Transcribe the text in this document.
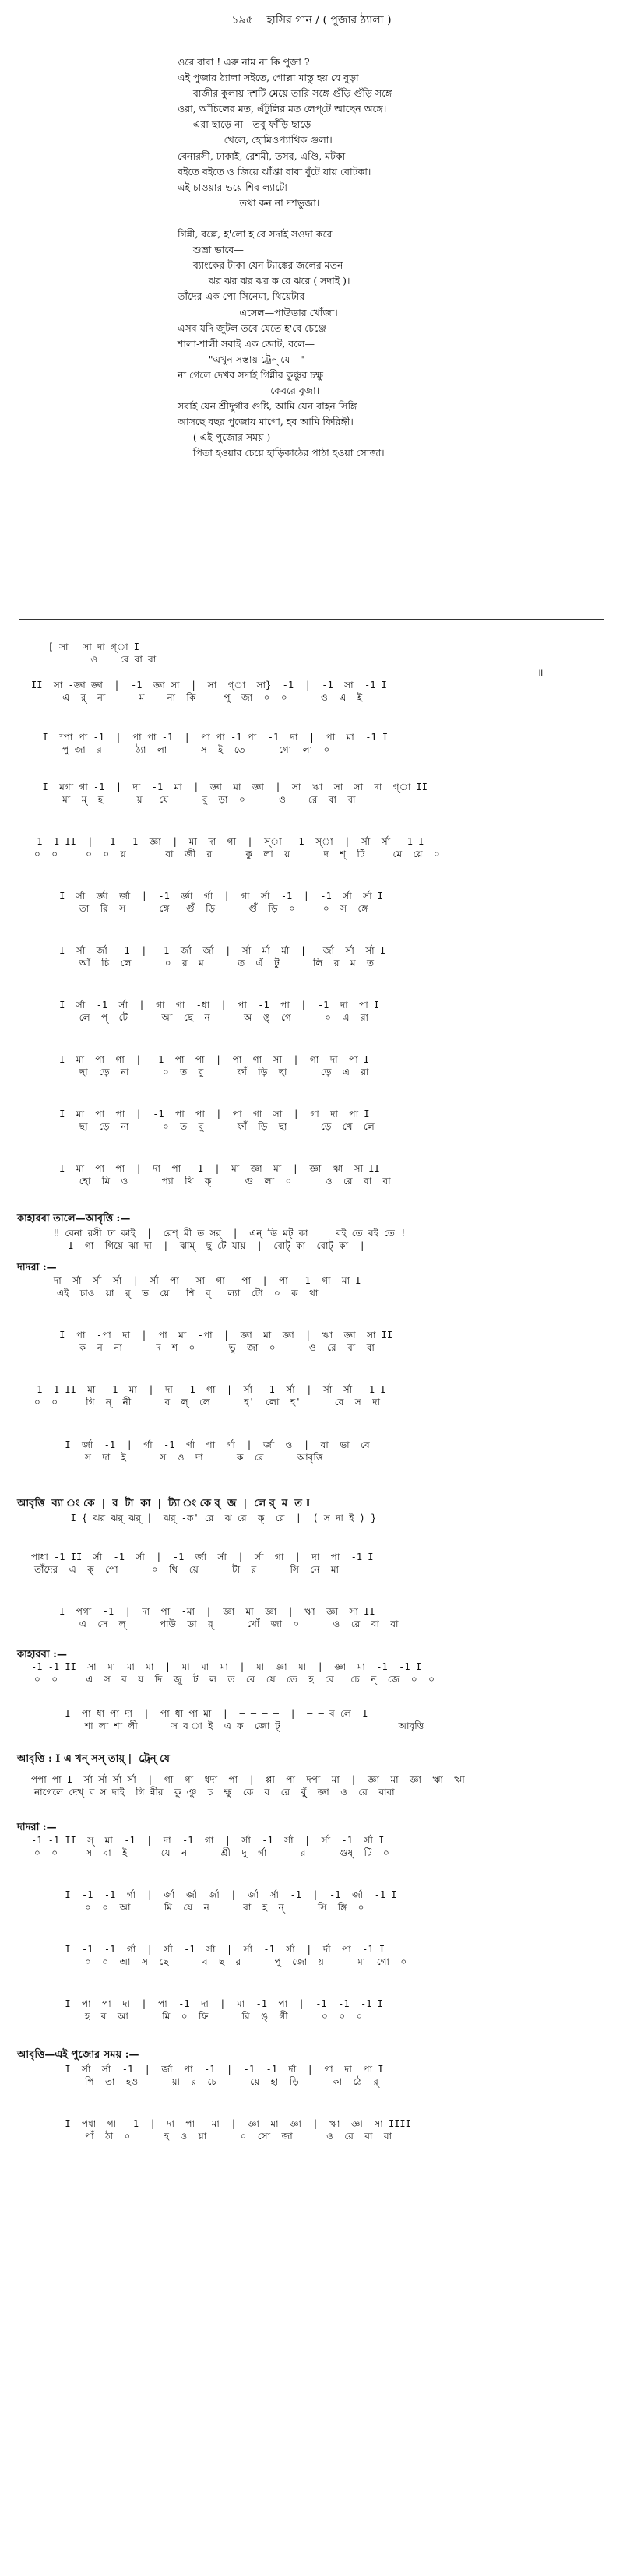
১৯৫ হাসির গান / ( পুজার ঠ্যালা )
ওরে বাবা ! এরু নাম না কি পুজা ?
এই পুজার ঠ্যালা সইতে, গোল্লা মাস্তু হয় যে বুড়া।
বাজীর কুলায় দশটি মেয়ে তারি সঙ্গে গুঁড়ি গুঁড়ি সঙ্গে
ওরা, আঁচিলের মত, এঁটুলির মত লেপ্‌টে আছেন অঙ্গে।
এরা ছাড়ে না—তবু ফাঁড়ি ছাড়ে
খেলে, হোমিওপ্যাথিক গুলা।
বেনারসী, ঢাকাই, রেশমী, তসর, এণ্ডি, মটকা
বইতে বইতে ও জিয়ে ঝাঁপ্তা বাবা বুঁটে যায় বোটকা।
এই চাওয়ার ভয়ে শিব ল্যাটো—
তথা কন না দশভুজা।

গিন্নী, বল্লে, হ'লো হ'বে সদাই সওদা করে
শুভ্রা ভাবে—
ব্যাংকের টাকা যেন ট্যাঙ্কের জলের মতন
ঝর ঝর ঝর ঝর ক'রে ঝরে ( সদাই )।
তাঁদের এক পো-সিনেমা, থিয়েটার
এসেল—পাউডার খোঁজা।
এসব যদি জুটল তবে যেতে হ'বে চেঞ্জে—
শালা-শালী সবাই এক জোট, বলে—
"এখুন সস্তায় ট্রেন্ যে—"
না গেলে দেখব সদাই গিন্নীর কুঞ্চুর চক্ষু
কেবরে বুজা।
সবাই যেন শ্রীদুর্গার গুষ্টি, আমি যেন বাহন সিঙ্গি
আসছে বছর পুজোয় মাগো, হব আমি ফিরিঙ্গী।
( এই পুজোর সময় )—
পিতা হওয়ার চেয়ে হাড়িকাঠের পাঠা হওয়া সোজা।
[ সা । সা দা গ্‌া I
ও    রে বা বা
॥
II  সা -জ্ঞা জ্ঞা  |  -1  জ্ঞা সা  |  সা  গ্‌া  সা}  -1  |  -1  সা  -1 I
এ  র্‌  না      ম    না  কি     পু  জা  ০  ০      ও  এ  ই
I  স্পা পা -1  |  পা পা -1  |  পা পা -1 পা  -1  দা  |  পা  মা  -1 I
পু জা  র      ঠ্যা  লা      স  ই  তে      গো  লা  ০
I  মগা গা -1  |  দা  -1  মা  |  জ্ঞা  মা  জ্ঞা  |  সা  ঋা  সা  সা  দা  গ্‌া II
মা  ম্  হ      য়   যে      বু  ড়া  ০      ও    রে  বা  বা
-1 -1 II  |  -1  -1  জ্ঞা  |  মা  দা  গা  |  স্‌া  -1  স্‌া  |  র্সা  র্সা  -1 I
০  ০     ০  ০  য়       বা  জী  র      কু  লা  য়      দ  শ্‌  টি     মে  য়ে  ০
I  র্সা  র্জ্ঞা  র্জা  |  -1  র্জ্ঞা  র্গা  |  গা  র্সা  -1  |  -1  র্সা  র্সা I
তা  রি  স      ঙ্গে   গুঁ  ড়ি      গুঁ  ড়ি  ০     ০  স  ঙ্গে
I  র্সা  র্জা  -1  |  -1  র্জা  র্জা  |  র্সা  র্মা  র্মা  |  -র্জা  র্সা  র্সা I
আঁ  চি  লে      ০  র  ম      ত  এঁ  টু      লি  র  ম  ত
I  র্সা  -1  র্সা  |  গা  গা  -ধা  |  পা  -1  পা  |  -1  দা  পা I
লে  প্‌  টে      আ  ছে  ন      অ  ঙ্  গে      ০  এ  রা
I  মা  পা  গা  |  -1  পা  পা  |  পা  গা  সা  |  গা  দা  পা I
ছা  ড়ে  না      ০  ত  বু      ফাঁ  ড়ি  ছা      ড়ে  এ  রা
I  মা  পা  পা  |  -1  পা  পা  |  পা  গা  সা  |  গা  দা  পা I
ছা  ড়ে  না      ০  ত  বু      ফাঁ  ড়ি  ছা      ড়ে  খে  লে
I  মা  পা  পা  |  দা  পা  -1  |  মা  জ্ঞা  মা  |  জ্ঞা  ঋা  সা II
হো  মি  ও      প্যা  থি  ক্      গু  লা  ০      ও  রে  বা  বা
কাহারবা তালে—আবৃত্তি :—
‼ বেনা রসী ঢা কাই  |  রেশ্‌ মী ত সর্‌  |  এন্ ডি মট্‌ কা  |  বই তে বই তে !
I  গা  গিয়ে ঝা দা  |  ঝাম্‌ -ছু টে যায়  |  বোট্‌ কা  বোট্‌ কা  |  — — —
দাদরা :—
দা  র্সা  র্সা  র্সা  |  র্সা  পা  -সা  গা  -পা  |  পা  -1  গা  মা I
এই  চাও  য়া  র্  ভ  য়ে   শি  ব্   ল্যা  টো  ০  ক  থা
I  পা  -পা  দা  |  পা  মা  -পা  |  জ্ঞা  মা  জ্ঞা  |  ঋা  জ্ঞা  সা II
ক  ন  না      দ  শ  ০      ভু  জা  ০      ও  রে  বা  বা
-1 -1 II  মা  -1  মা  |  দা  -1  গা  |  র্সা  -1  র্সা  |  র্সা  র্সা  -1 I
০  ০     গি  ন্‌  নী      ব  ল্‌  লে      হ'  লো  হ'      বে  স  দা
I  র্জা  -1  |  র্গা  -1  র্গা  গা  র্গা  |  র্জা  ও  |  বা  ভা  বে
স  দা  ই      স  ও  দা      ক  রে      আবৃত্তি
আবৃত্তি  ব্যা ং কে  |  র  টা  কা  |  ট্যা ং কে র্  জ  |  লে র্  ম  ত I
I { ঝর ঝর্‌ ঝর্‌ |  ঝর্‌ -ক' রে  ঝ রে  ক্  রে  |  ( স দা ই ) }
পাধা -1 II  র্সা  -1  র্সা  |  -1  র্জা  র্সা  |  র্সা  গা  |  দা  পা  -1 I
তাঁদের  এ  ক্‌  পো      ০  থি  য়ে      টা  র      সি  নে  মা
I  পগা  -1  |  দা  পা  -মা  |  জ্ঞা  মা  জ্ঞা  |  ঋা  জ্ঞা  সা II
এ  সে  ল্      পাউ  ডা  র্      খোঁ  জা  ০      ও  রে  বা  বা
কাহারবা :—
-1 -1 II  সা  মা  মা  মা  |  মা  মা  মা  |  মা  জ্ঞা  মা  |  জ্ঞা  মা  -1  -1 I
০  ০     এ  স  ব  য  দি  জু  ট  ল  ত  বে  যে  তে  হ  বে   চে  ন্‌  জে  ০  ০
I  পা ধা পা দা  |  পা ধা পা মা  |  — — — —  |  — — ব লে  I
শা লা শা লী      স ব া ই  এ ক  জো ট্‌                     আবৃত্তি
আবৃত্তি : I এ খন্ সস্ তায়্ |  ট্রেন্ যে
পপা পা I  র্সা র্সা র্সা র্সা  |  গা  গা  ধদা  পা  |  প্পা  পা  দপা  মা  |  জ্ঞা  মা  জ্ঞা  ঋা  ঋা
নাগেলে দেখ্‌ ব স দাই  গি ন্নীর  কু ঞু  চ  ক্ষু  কে  ব  রে  বু্ঁ  জ্ঞা  ও  রে  বাবা
দাদরা :—
-1 -1 II  স্‌  মা  -1  |  দা  -1  গা  |  র্সা  -1  র্সা  |  র্সা  -1  র্সা I
০  ০     স  বা  ই      যে  ন      শ্রী  দু  র্গা      র      গুষ্  টি  ০
I  -1  -1  র্গা  |  র্জা  র্জা  র্জা  |  র্জা  র্সা  -1  |  -1  র্জা  -1 I
০  ০  আ      মি  যে  ন      বা  হ  ন্‌      সি  ঙ্গি  ০
I  -1  -1  র্গা  |  র্সা  -1  র্সা  |  র্সা  -1  র্সা  |  র্দা  পা  -1 I
০  ০  আ  স  ছে      ব  ছ  র      পু  জো  য়      মা  গো  ০
I  পা  পা  দা  |  পা  -1  দা  |  মা  -1  পা  |  -1  -1  -1 I
হ  ব  আ      মি  ০  ফি      রি  ঙ্‌  গী      ০  ০  ০
আবৃত্তি—এই পুজোর সময় :—
I  র্সা  র্সা  -1  |  র্জা  পা  -1  |  -1  -1  র্দা  |  গা  দা  পা I
পি  তা  হও      য়া  র  চে      য়ে  হা  ড়ি      কা  ঠে  র্
I  পধা  গা  -1  |  দা  পা  -মা  |  জ্ঞা  মা  জ্ঞা  |  ঋা  জ্ঞা  সা IIII
পাঁ  ঠা  ০      হ  ও  য়া      ০  সো  জা      ও  রে  বা  বা
